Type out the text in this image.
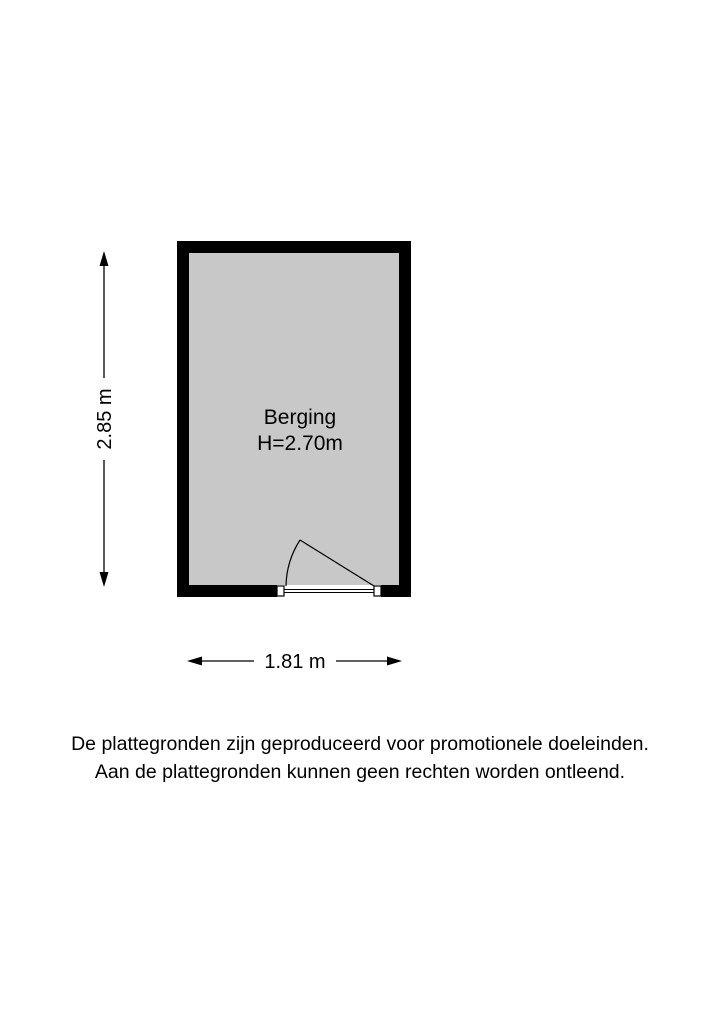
2.85 m
1.81 m
Berging
H=2.70m
De plattegronden zijn geproduceerd voor promotionele doeleinden.
Aan de plattegronden kunnen geen rechten worden ontleend.
